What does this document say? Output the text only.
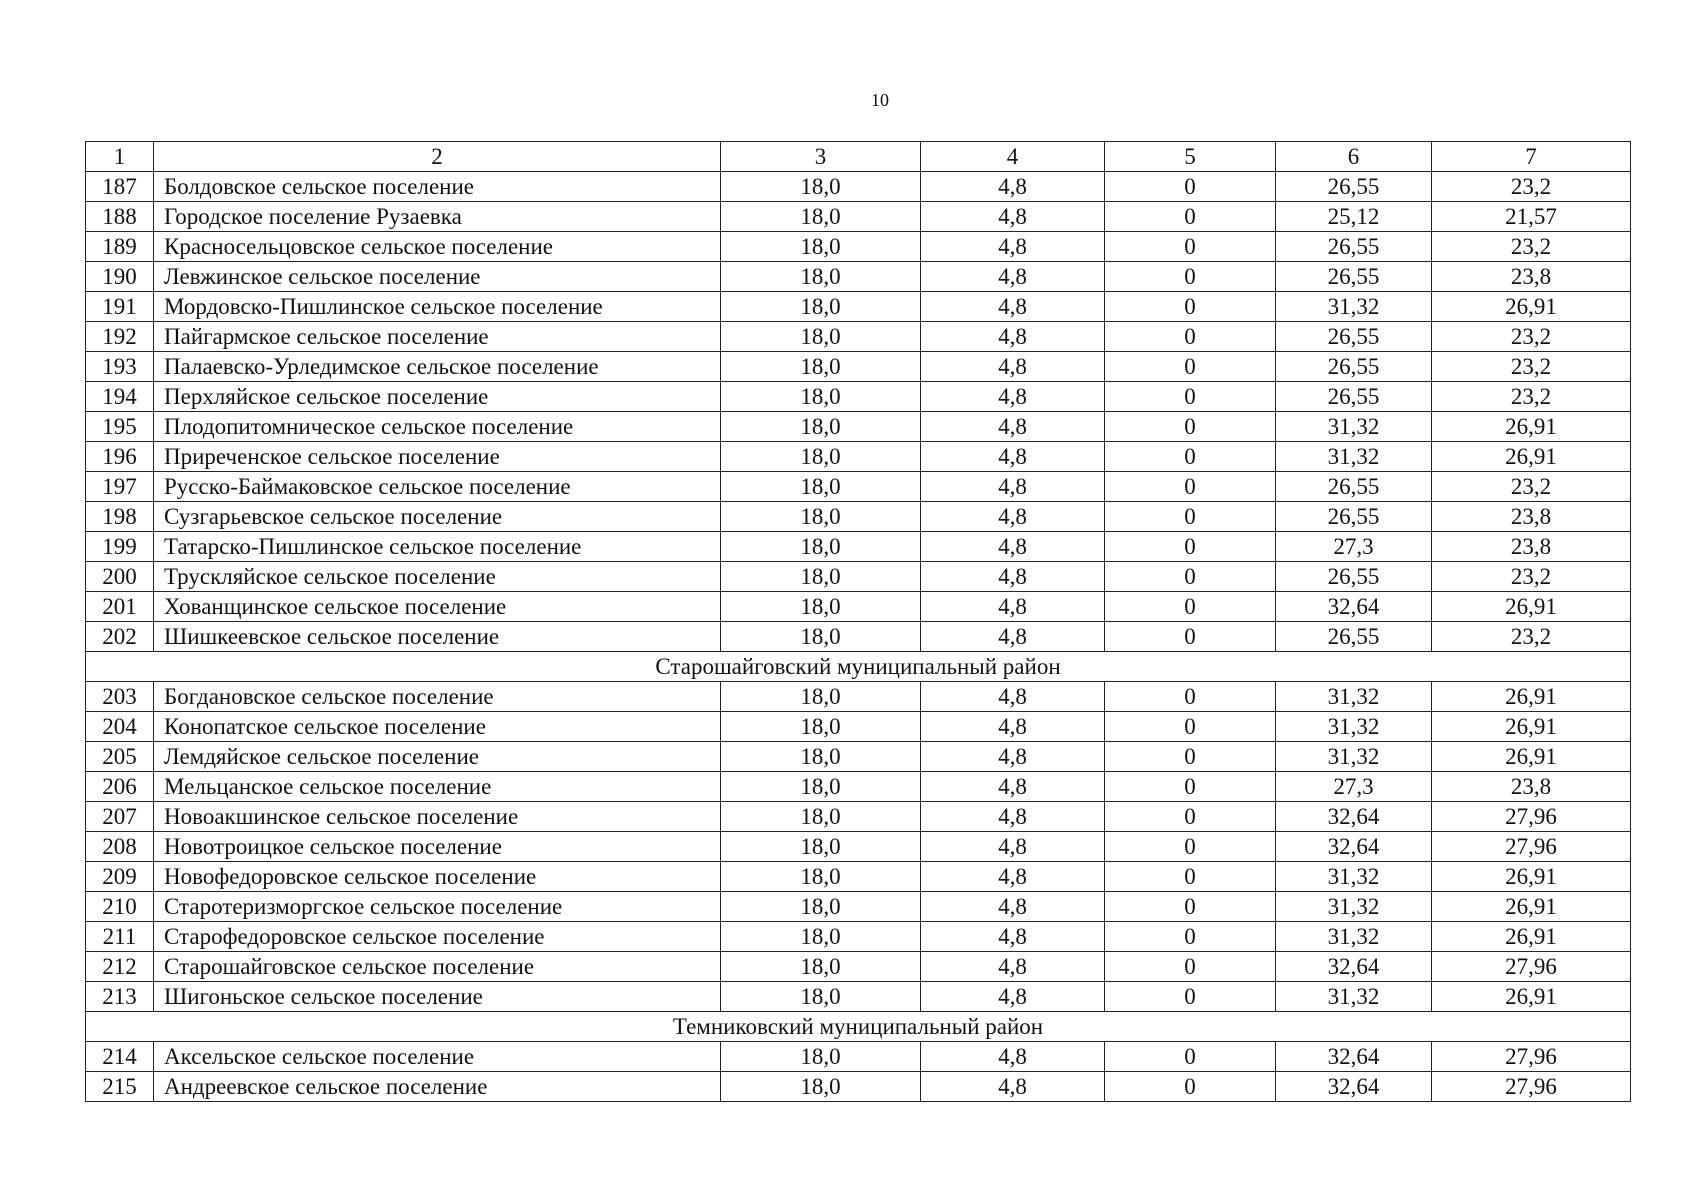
10
1	2	3	4	5	6	7
187	Болдовское сельское поселение	18,0	4,8	0	26,55	23,2
188	Городское поселение Рузаевка	18,0	4,8	0	25,12	21,57
189	Красносельцовское сельское поселение	18,0	4,8	0	26,55	23,2
190	Левжинское сельское поселение	18,0	4,8	0	26,55	23,8
191	Мордовско-Пишлинское сельское поселение	18,0	4,8	0	31,32	26,91
192	Пайгармское сельское поселение	18,0	4,8	0	26,55	23,2
193	Палаевско-Урледимское сельское поселение	18,0	4,8	0	26,55	23,2
194	Перхляйское сельское поселение	18,0	4,8	0	26,55	23,2
195	Плодопитомническое сельское поселение	18,0	4,8	0	31,32	26,91
196	Приреченское сельское поселение	18,0	4,8	0	31,32	26,91
197	Русско-Баймаковское сельское поселение	18,0	4,8	0	26,55	23,2
198	Сузгарьевское сельское поселение	18,0	4,8	0	26,55	23,8
199	Татарско-Пишлинское сельское поселение	18,0	4,8	0	27,3	23,8
200	Трускляйское сельское поселение	18,0	4,8	0	26,55	23,2
201	Хованщинское сельское поселение	18,0	4,8	0	32,64	26,91
202	Шишкеевское сельское поселение	18,0	4,8	0	26,55	23,2
Старошайговский муниципальный район						
203	Богдановское сельское поселение	18,0	4,8	0	31,32	26,91
204	Конопатское сельское поселение	18,0	4,8	0	31,32	26,91
205	Лемдяйское сельское поселение	18,0	4,8	0	31,32	26,91
206	Мельцанское сельское поселение	18,0	4,8	0	27,3	23,8
207	Новоакшинское сельское поселение	18,0	4,8	0	32,64	27,96
208	Новотроицкое сельское поселение	18,0	4,8	0	32,64	27,96
209	Новофедоровское сельское поселение	18,0	4,8	0	31,32	26,91
210	Старотеризморгское сельское поселение	18,0	4,8	0	31,32	26,91
211	Старофедоровское сельское поселение	18,0	4,8	0	31,32	26,91
212	Старошайговское сельское поселение	18,0	4,8	0	32,64	27,96
213	Шигоньское сельское поселение	18,0	4,8	0	31,32	26,91
Темниковский муниципальный район						
214	Аксельское сельское поселение	18,0	4,8	0	32,64	27,96
215	Андреевское сельское поселение	18,0	4,8	0	32,64	27,96
